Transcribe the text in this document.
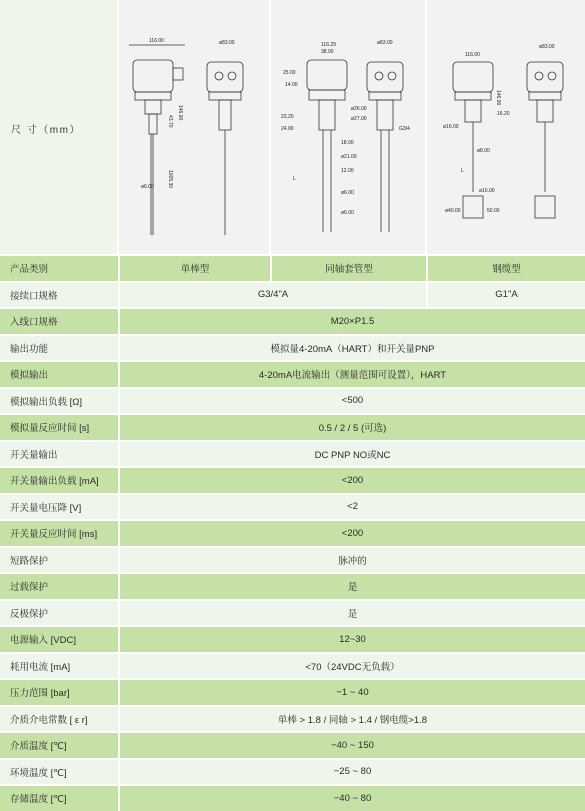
尺 寸（mm）
116.00
146.90
43.70
1005.30
ø6.00
ø83.00	116.29
38.00
25.00
14.00
ø26.00
ø27.00
23.20
24.00
18.00
ø21.00
12.00
L
ø6.00
ø6.00
ø83.00
G3/4
116.00
16.20
146.90
ø16.00
ø8.00
L
ø16.00
ø40.00	50.00
ø83.00
产品类别	单棒型	同轴套管型	钢缆型
接续口规格	G3/4"A		G1"A
入线口规格	M20×P1.5		
输出功能	模拟量4-20mA（HART）和开关量PNP		
模拟输出	4-20mA电流输出（测量范围可设置），HART		
模拟输出负载 [Ω]	<500		
模拟量反应时间 [s]	0.5 / 2 / 5 (可选)		
开关量输出	DC PNP NO或NC		
开关量输出负载 [mA]	<200		
开关量电压降 [V]	<2		
开关量反应时间 [ms]	<200		
短路保护	脉冲的		
过载保护	是		
反极保护	是		
电源输入 [VDC]	12~30		
耗用电流 [mA]	<70（24VDC无负载）		
压力范围 [bar]	−1 ~ 40		
介质介电常数 [ ε r]	单棒 > 1.8 / 同轴 > 1.4 / 钢电缆>1.8		
介质温度 [℃]	−40 ~ 150		
环境温度 [℃]	−25 ~ 80		
存储温度 [℃]	−40 ~ 80		
